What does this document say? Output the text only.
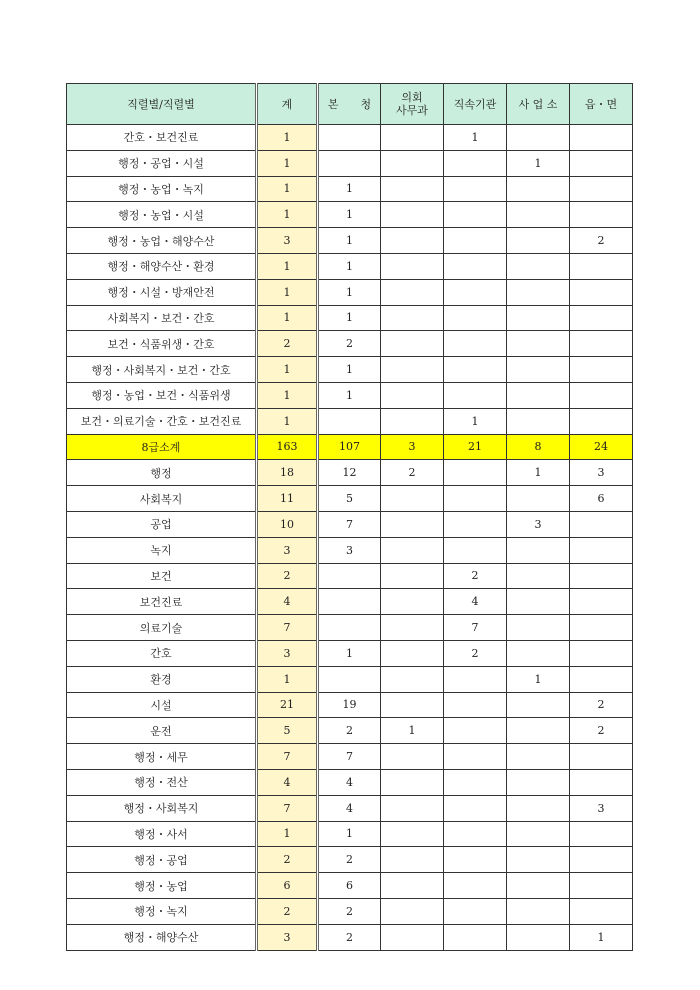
직렬별/직렬별	계	본　　청	의회
사무과	직속기관	사 업 소	읍・면
간호・보건진료	1			1		
행정・공업・시설	1				1	
행정・농업・녹지	1	1				
행정・농업・시설	1	1				
행정・농업・해양수산	3	1				2
행정・해양수산・환경	1	1				
행정・시설・방재안전	1	1				
사회복지・보건・간호	1	1				
보건・식품위생・간호	2	2				
행정・사회복지・보건・간호	1	1				
행정・농업・보건・식품위생	1	1				
보건・의료기술・간호・보건진료	1			1		
8급소계	163	107	3	21	8	24
행정	18	12	2		1	3
사회복지	11	5				6
공업	10	7			3	
녹지	3	3				
보건	2			2		
보건진료	4			4		
의료기술	7			7		
간호	3	1		2		
환경	1				1	
시설	21	19				2
운전	5	2	1			2
행정・세무	7	7				
행정・전산	4	4				
행정・사회복지	7	4				3
행정・사서	1	1				
행정・공업	2	2				
행정・농업	6	6				
행정・녹지	2	2				
행정・해양수산	3	2				1
